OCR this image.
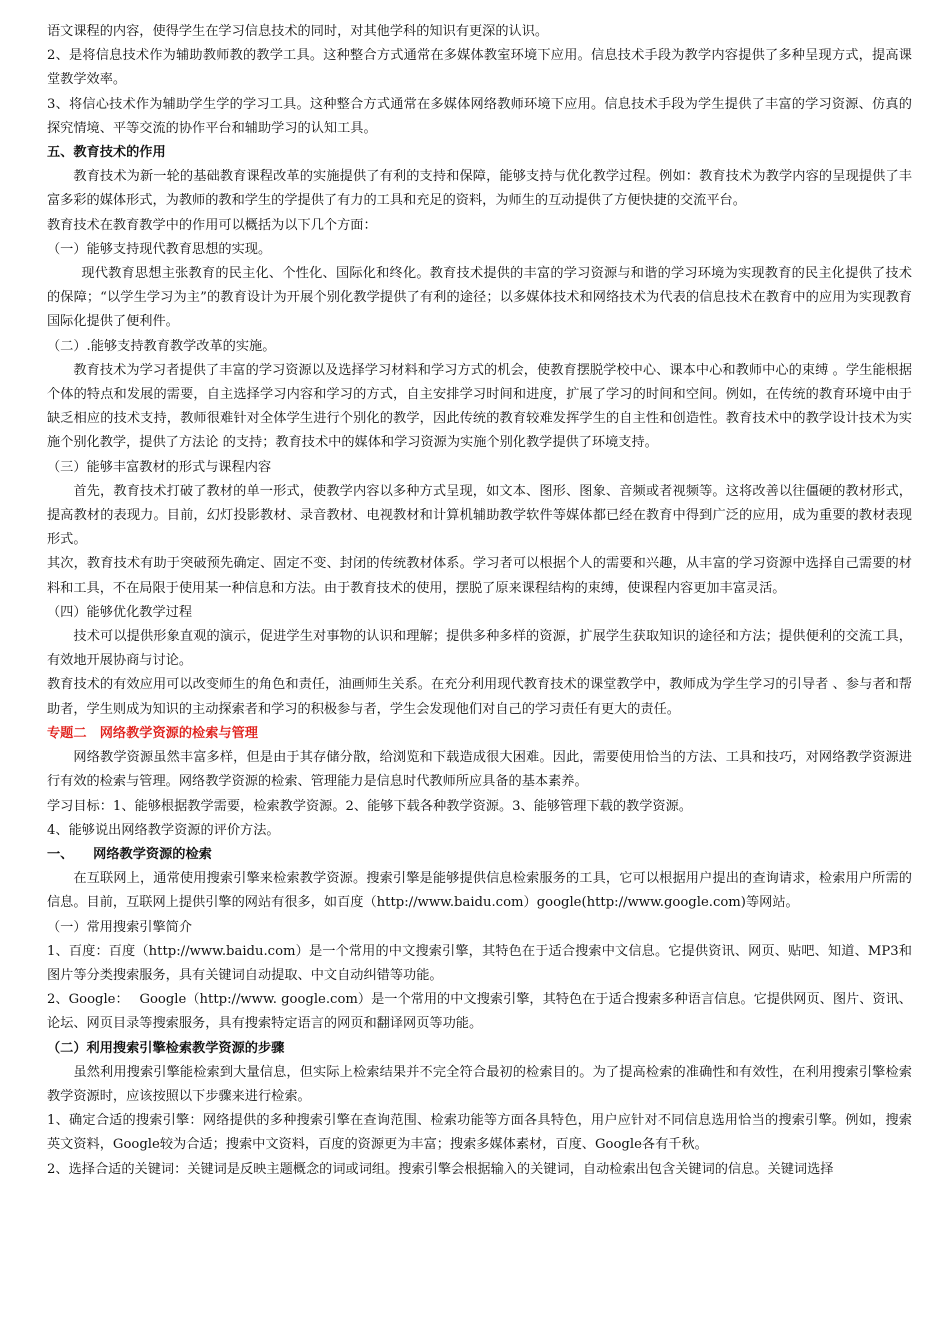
语文课程的内容，使得学生在学习信息技术的同时，对其他学科的知识有更深的认识。

2、是将信息技术作为辅助教师教的教学工具。这种整合方式通常在多媒体教室环境下应用。信息技术手段为教学内容提供了多种呈现方式，提高课堂教学效率。

3、将信心技术作为辅助学生学的学习工具。这种整合方式通常在多媒体网络教师环境下应用。信息技术手段为学生提供了丰富的学习资源、仿真的探究情境、平等交流的协作平台和辅助学习的认知工具。

五、教育技术的作用

教育技术为新一轮的基础教育课程改革的实施提供了有利的支持和保障，能够支持与优化教学过程。例如：教育技术为教学内容的呈现提供了丰富多彩的媒体形式，为教师的教和学生的学提供了有力的工具和充足的资料，为师生的互动提供了方便快捷的交流平台。

教育技术在教育教学中的作用可以概括为以下几个方面：

（一）能够支持现代教育思想的实现。

现代教育思想主张教育的民主化、个性化、国际化和终化。教育技术提供的丰富的学习资源与和谐的学习环境为实现教育的民主化提供了技术的保障；“以学生学习为主”的教育设计为开展个别化教学提供了有利的途径；以多媒体技术和网络技术为代表的信息技术在教育中的应用为实现教育国际化提供了便利件。

（二）.能够支持教育教学改革的实施。

教育技术为学习者提供了丰富的学习资源以及选择学习材料和学习方式的机会，使教育摆脱学校中心、课本中心和教师中心的束缚 。学生能根据个体的特点和发展的需要，自主选择学习内容和学习的方式，自主安排学习时间和进度，扩展了学习的时间和空间。例如，在传统的教育环境中由于缺乏相应的技术支持，教师很难针对全体学生进行个别化的教学，因此传统的教育较难发挥学生的自主性和创造性。教育技术中的教学设计技术为实施个别化教学，提供了方法论 的支持；教育技术中的媒体和学习资源为实施个别化教学提供了环境支持。

（三）能够丰富教材的形式与课程内容

首先，教育技术打破了教材的单一形式，使教学内容以多种方式呈现，如文本、图形、图象、音频或者视频等。这将改善以往僵硬的教材形式，提高教材的表现力。目前，幻灯投影教材、录音教材、电视教材和计算机辅助教学软件等媒体都已经在教育中得到广泛的应用，成为重要的教材表现形式。

其次，教育技术有助于突破预先确定、固定不变、封闭的传统教材体系。学习者可以根据个人的需要和兴趣，从丰富的学习资源中选择自己需要的材料和工具，不在局限于使用某一种信息和方法。由于教育技术的使用，摆脱了原来课程结构的束缚，使课程内容更加丰富灵活。

（四）能够优化教学过程

技术可以提供形象直观的演示，促进学生对事物的认识和理解；提供多种多样的资源，扩展学生获取知识的途径和方法；提供便利的交流工具，有效地开展协商与讨论。

教育技术的有效应用可以改变师生的角色和责任，油画师生关系。在充分利用现代教育技术的课堂教学中，教师成为学生学习的引导者 、参与者和帮助者，学生则成为知识的主动探索者和学习的积极参与者，学生会发现他们对自己的学习责任有更大的责任。

专题二　网络教学资源的检索与管理

网络教学资源虽然丰富多样，但是由于其存储分散，给浏览和下载造成很大困难。因此，需要使用恰当的方法、工具和技巧，对网络教学资源进行有效的检索与管理。网络教学资源的检索、管理能力是信息时代教师所应具备的基本素养。

学习目标：1、能够根据教学需要，检索教学资源。2、能够下载各种教学资源。3、能够管理下载的教学资源。

4、能够说出网络教学资源的评价方法。

一、　　网络教学资源的检索

在互联网上，通常使用搜索引擎来检索教学资源。搜索引擎是能够提供信息检索服务的工具，它可以根据用户提出的查询请求，检索用户所需的信息。目前，互联网上提供引擎的网站有很多，如百度（http://www.baidu.com）google(http://www.google.com)等网站。

（一）常用搜索引擎简介

1、百度：百度（http://www.baidu.com）是一个常用的中文搜索引擎，其特色在于适合搜索中文信息。它提供资讯、网页、贴吧、知道、MP3和图片等分类搜索服务，具有关键词自动提取、中文自动纠错等功能。

2、Google：　 Google（http://www. google.com）是一个常用的中文搜索引擎，其特色在于适合搜索多种语言信息。它提供网页、图片、资讯、论坛、网页目录等搜索服务，具有搜索特定语言的网页和翻译网页等功能。

（二）利用搜索引擎检索教学资源的步骤

虽然利用搜索引擎能检索到大量信息，但实际上检索结果并不完全符合最初的检索目的。为了提高检索的准确性和有效性，在利用搜索引擎检索教学资源时，应该按照以下步骤来进行检索。

1、确定合适的搜索引擎：网络提供的多种搜索引擎在查询范围、检索功能等方面各具特色，用户应针对不同信息选用恰当的搜索引擎。例如，搜索英文资料，Google较为合适；搜索中文资料，百度的资源更为丰富；搜索多媒体素材，百度、Google各有千秋。

2、选择合适的关键词：关键词是反映主题概念的词或词组。搜索引擎会根据输入的关键词，自动检索出包含关键词的信息。关键词选择
